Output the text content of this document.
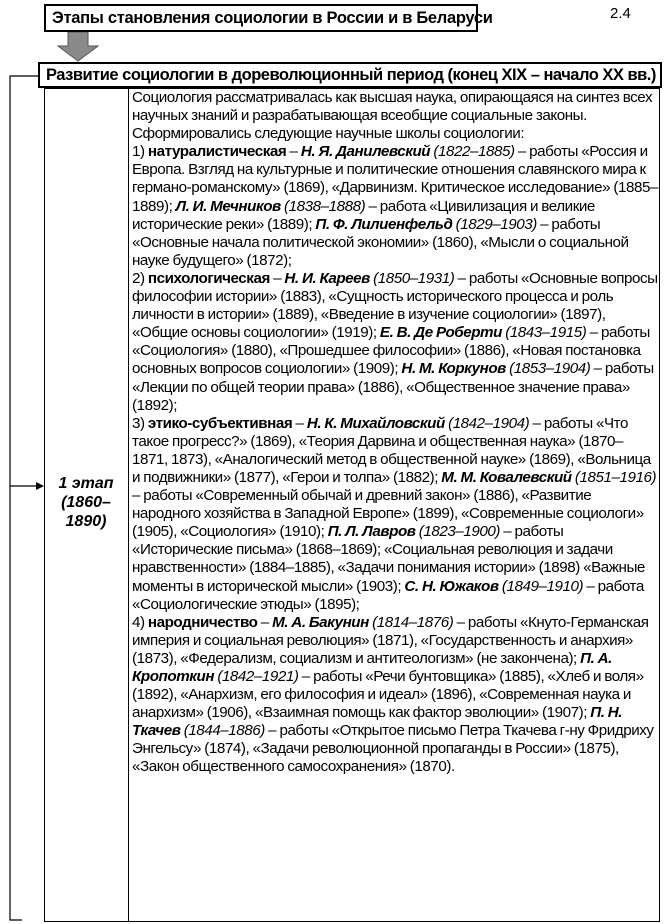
Этапы становления социологии в России и в Беларуси	2.4
Развитие социологии в дореволюционный период (конец XIX – начало XX вв.)
1 этап
(1860–
1890)

Социология рассматривалась как высшая наука, опирающаяся на синтез всех научных знаний и разрабатывающая всеобщие социальные законы.

Сформировались следующие научные школы социологии:

1) натуралистическая – Н. Я. Данилевский (1822–1885) – работы «Россия и Европа. Взгляд на культурные и политические отношения славянского мира к германо-романскому» (1869), «Дарвинизм. Критическое исследование» (1885–1889); Л. И. Мечников (1838–1888) – работа «Цивилизация и великие исторические реки» (1889); П. Ф. Лилиенфельд (1829–1903) – работы «Основные начала политической экономии» (1860), «Мысли о социальной науке будущего» (1872);

2) психологическая – Н. И. Кареев (1850–1931) – работы «Основные вопросы философии истории» (1883), «Сущность исторического процесса и роль личности в истории» (1889), «Введение в изучение социологии» (1897), «Общие основы социологии» (1919); Е. В. Де Роберти (1843–1915) – работы «Социология» (1880), «Прошедшее философии» (1886), «Новая постановка основных вопросов социологии» (1909); Н. М. Коркунов (1853–1904) – работы «Лекции по общей теории права» (1886), «Общественное значение права» (1892);

3) этико-субъективная – Н. К. Михайловский (1842–1904) – работы «Что такое прогресс?» (1869), «Теория Дарвина и общественная наука» (1870–1871, 1873), «Аналогический метод в общественной науке» (1869), «Вольница и подвижники» (1877), «Герои и толпа» (1882); М. М. Ковалевский (1851–1916) – работы «Современный обычай и древний закон» (1886), «Развитие народного хозяйства в Западной Европе» (1899), «Современные социологи» (1905), «Социология» (1910); П. Л. Лавров (1823–1900) – работы «Исторические письма» (1868–1869); «Социальная революция и задачи нравственности» (1884–1885), «Задачи понимания истории» (1898) «Важные моменты в исторической мысли» (1903); С. Н. Южаков (1849–1910) – работа «Социологические этюды» (1895);

4) народничество – М. А. Бакунин (1814–1876) – работы «Кнуто-Германская империя и социальная революция» (1871), «Государственность и анархия» (1873), «Федерализм, социализм и антитеологизм» (не закончена); П. А. Кропоткин (1842–1921) – работы «Речи бунтовщика» (1885), «Хлеб и воля» (1892), «Анархизм, его философия и идеал» (1896), «Современная наука и анархизм» (1906), «Взаимная помощь как фактор эволюции» (1907); П. Н. Ткачев (1844–1886) – работы «Открытое письмо Петра Ткачева г-ну Фридриху Энгельсу» (1874), «Задачи революционной пропаганды в России» (1875), «Закон общественного самосохранения» (1870).
